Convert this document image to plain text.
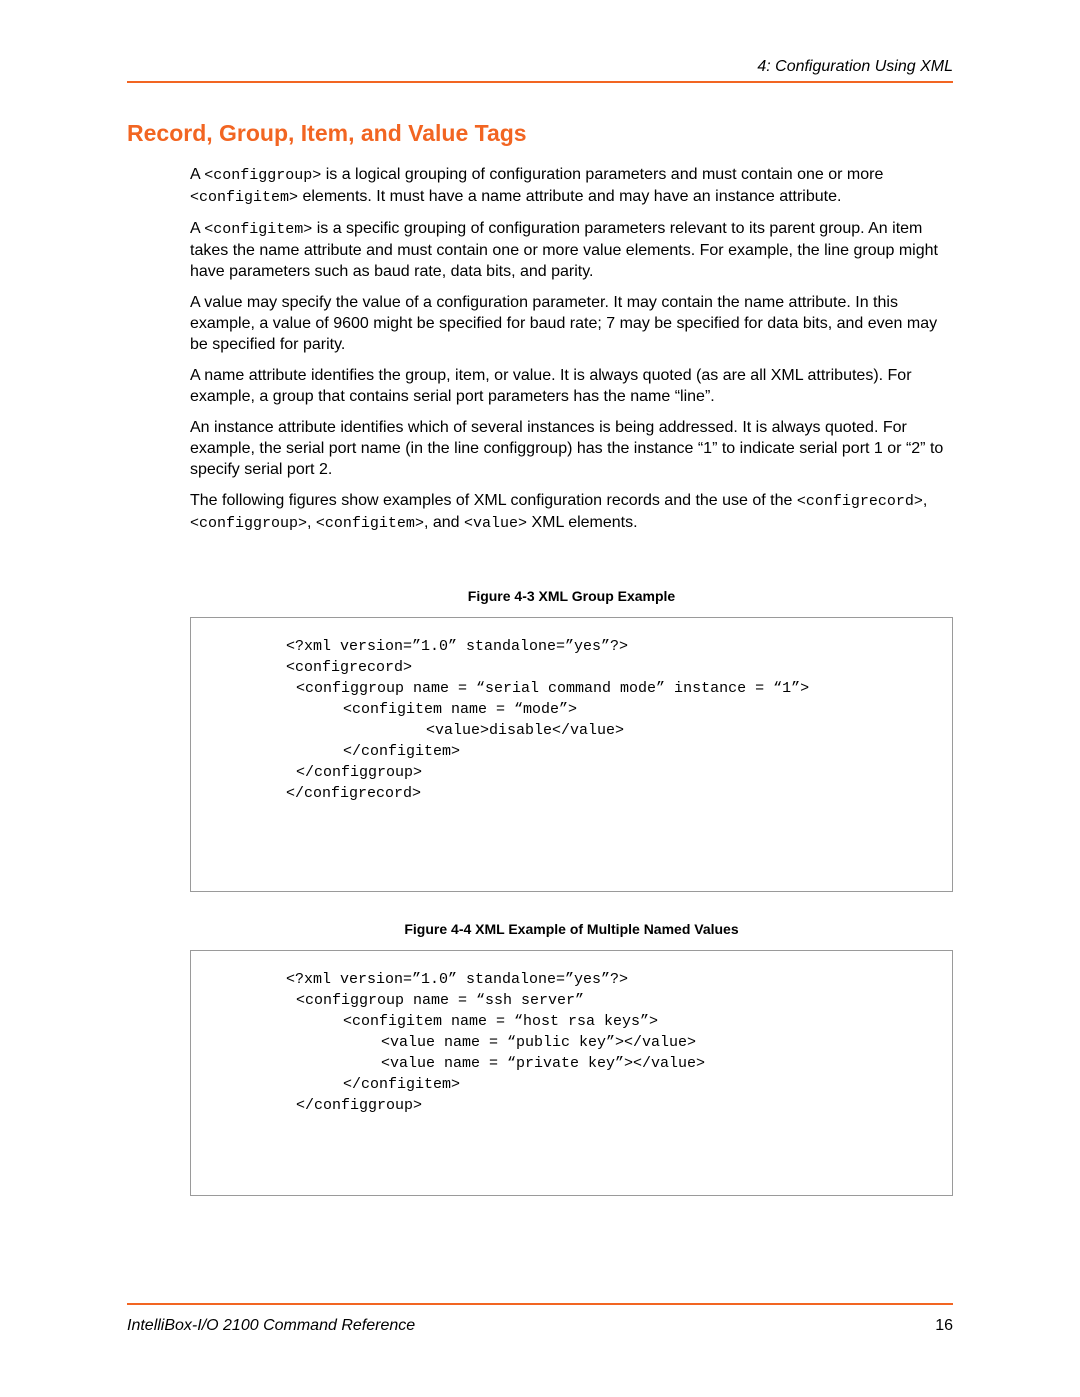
4: Configuration Using XML
Record, Group, Item, and Value Tags

A <configgroup> is a logical grouping of configuration parameters and must contain one or more <configitem> elements. It must have a name attribute and may have an instance attribute.

A <configitem> is a specific grouping of configuration parameters relevant to its parent group. An item takes the name attribute and must contain one or more value elements. For example, the line group might have parameters such as baud rate, data bits, and parity.

A value may specify the value of a configuration parameter. It may contain the name attribute. In this example, a value of 9600 might be specified for baud rate; 7 may be specified for data bits, and even may be specified for parity.

A name attribute identifies the group, item, or value. It is always quoted (as are all XML attributes). For example, a group that contains serial port parameters has the name “line”.

An instance attribute identifies which of several instances is being addressed. It is always quoted. For example, the serial port name (in the line configgroup) has the instance “1” to indicate serial port 1 or “2” to specify serial port 2.

The following figures show examples of XML configuration records and the use of the <configrecord>, <configgroup>, <configitem>, and <value> XML elements.

Figure 4-3 XML Group Example
<?xml version=”1.0” standalone=”yes”?>
<configrecord>
<configgroup name = “serial command mode” instance = “1”>
<configitem name = “mode”>
<value>disable</value>
</configitem>
</configgroup>
</configrecord>
Figure 4-4 XML Example of Multiple Named Values
<?xml version=”1.0” standalone=”yes”?>
<configgroup name = “ssh server”
<configitem name = “host rsa keys”>
<value name = “public key”></value>
<value name = “private key”></value>
</configitem>
</configgroup>
IntelliBox-I/O 2100 Command Reference	16
